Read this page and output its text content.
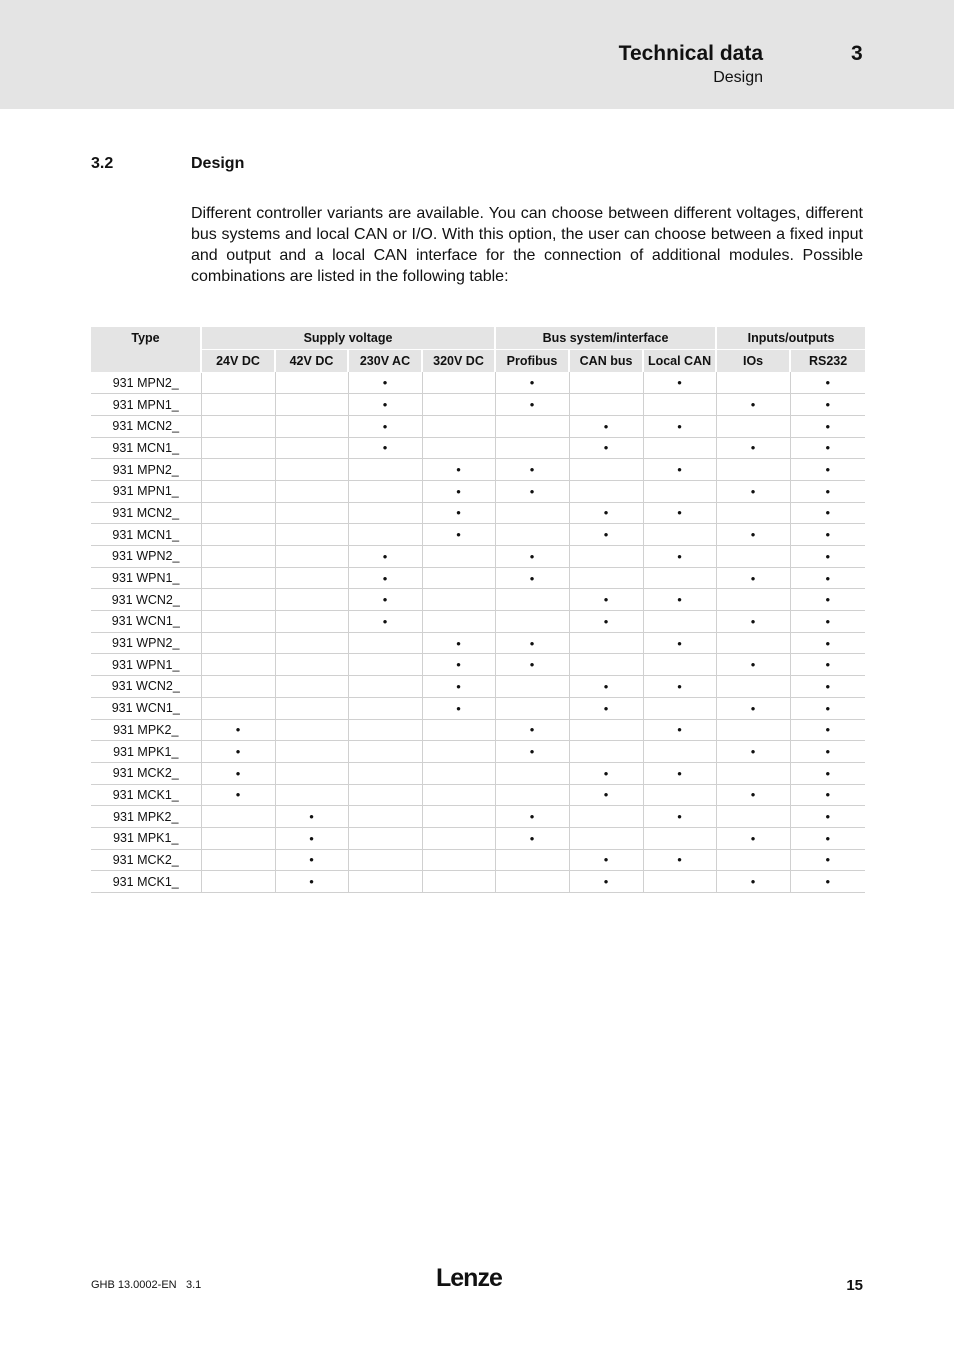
Technical data	3
Design
3.2	Design

Different controller variants are available. You can choose between different voltages, different bus systems and local CAN or I/O. With this option, the user can choose between a fixed input and output and a local CAN interface for the connection of additional modules. Possible combinations are listed in the following table:

Type	Supply voltage				Bus system/interface			Inputs/outputs	
	24V DC	42V DC	230V AC	320V DC	Profibus	CAN bus	Local CAN	IOs	RS232
931 MPN2_			•		•		•		•
931 MPN1_			•		•			•	•
931 MCN2_			•			•	•		•
931 MCN1_			•			•		•	•
931 MPN2_				•	•		•		•
931 MPN1_				•	•			•	•
931 MCN2_				•		•	•		•
931 MCN1_				•		•		•	•
931 WPN2_			•		•		•		•
931 WPN1_			•		•			•	•
931 WCN2_			•			•	•		•
931 WCN1_			•			•		•	•
931 WPN2_				•	•		•		•
931 WPN1_				•	•			•	•
931 WCN2_				•		•	•		•
931 WCN1_				•		•		•	•
931 MPK2_	•				•		•		•
931 MPK1_	•				•			•	•
931 MCK2_	•					•	•		•
931 MCK1_	•					•		•	•
931 MPK2_		•			•		•		•
931 MPK1_		•			•			•	•
931 MCK2_		•				•	•		•
931 MCK1_		•				•		•	•
GHB 13.0002-EN 3.1	Lenze	15
